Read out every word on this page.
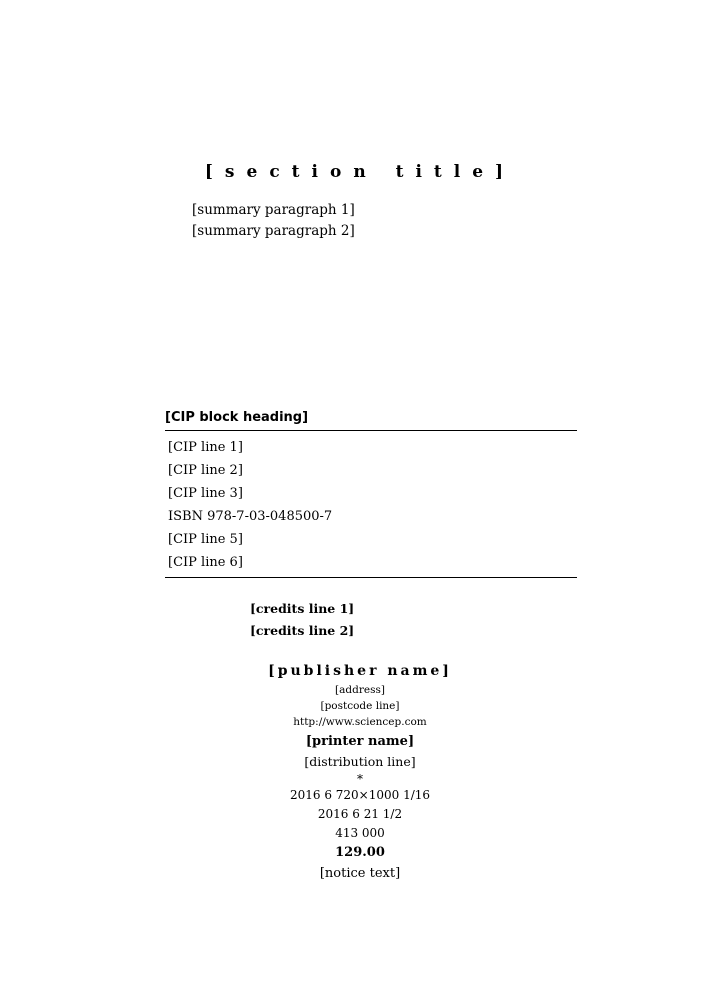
[section title]

[summary paragraph 1]

[summary paragraph 2]

[CIP block heading]
[CIP line 1]
[CIP line 2]
[CIP line 3]
ISBN 978-7-03-048500-7
[CIP line 5]
[CIP line 6]
[credits line 1]
[credits line 2]
[publisher name]
[address]
[postcode line]
http://www.sciencep.com
[printer name]
[distribution line]
*
2016 6 720×1000 1/16
2016 6 21 1/2
413 000
129.00
[notice text]
